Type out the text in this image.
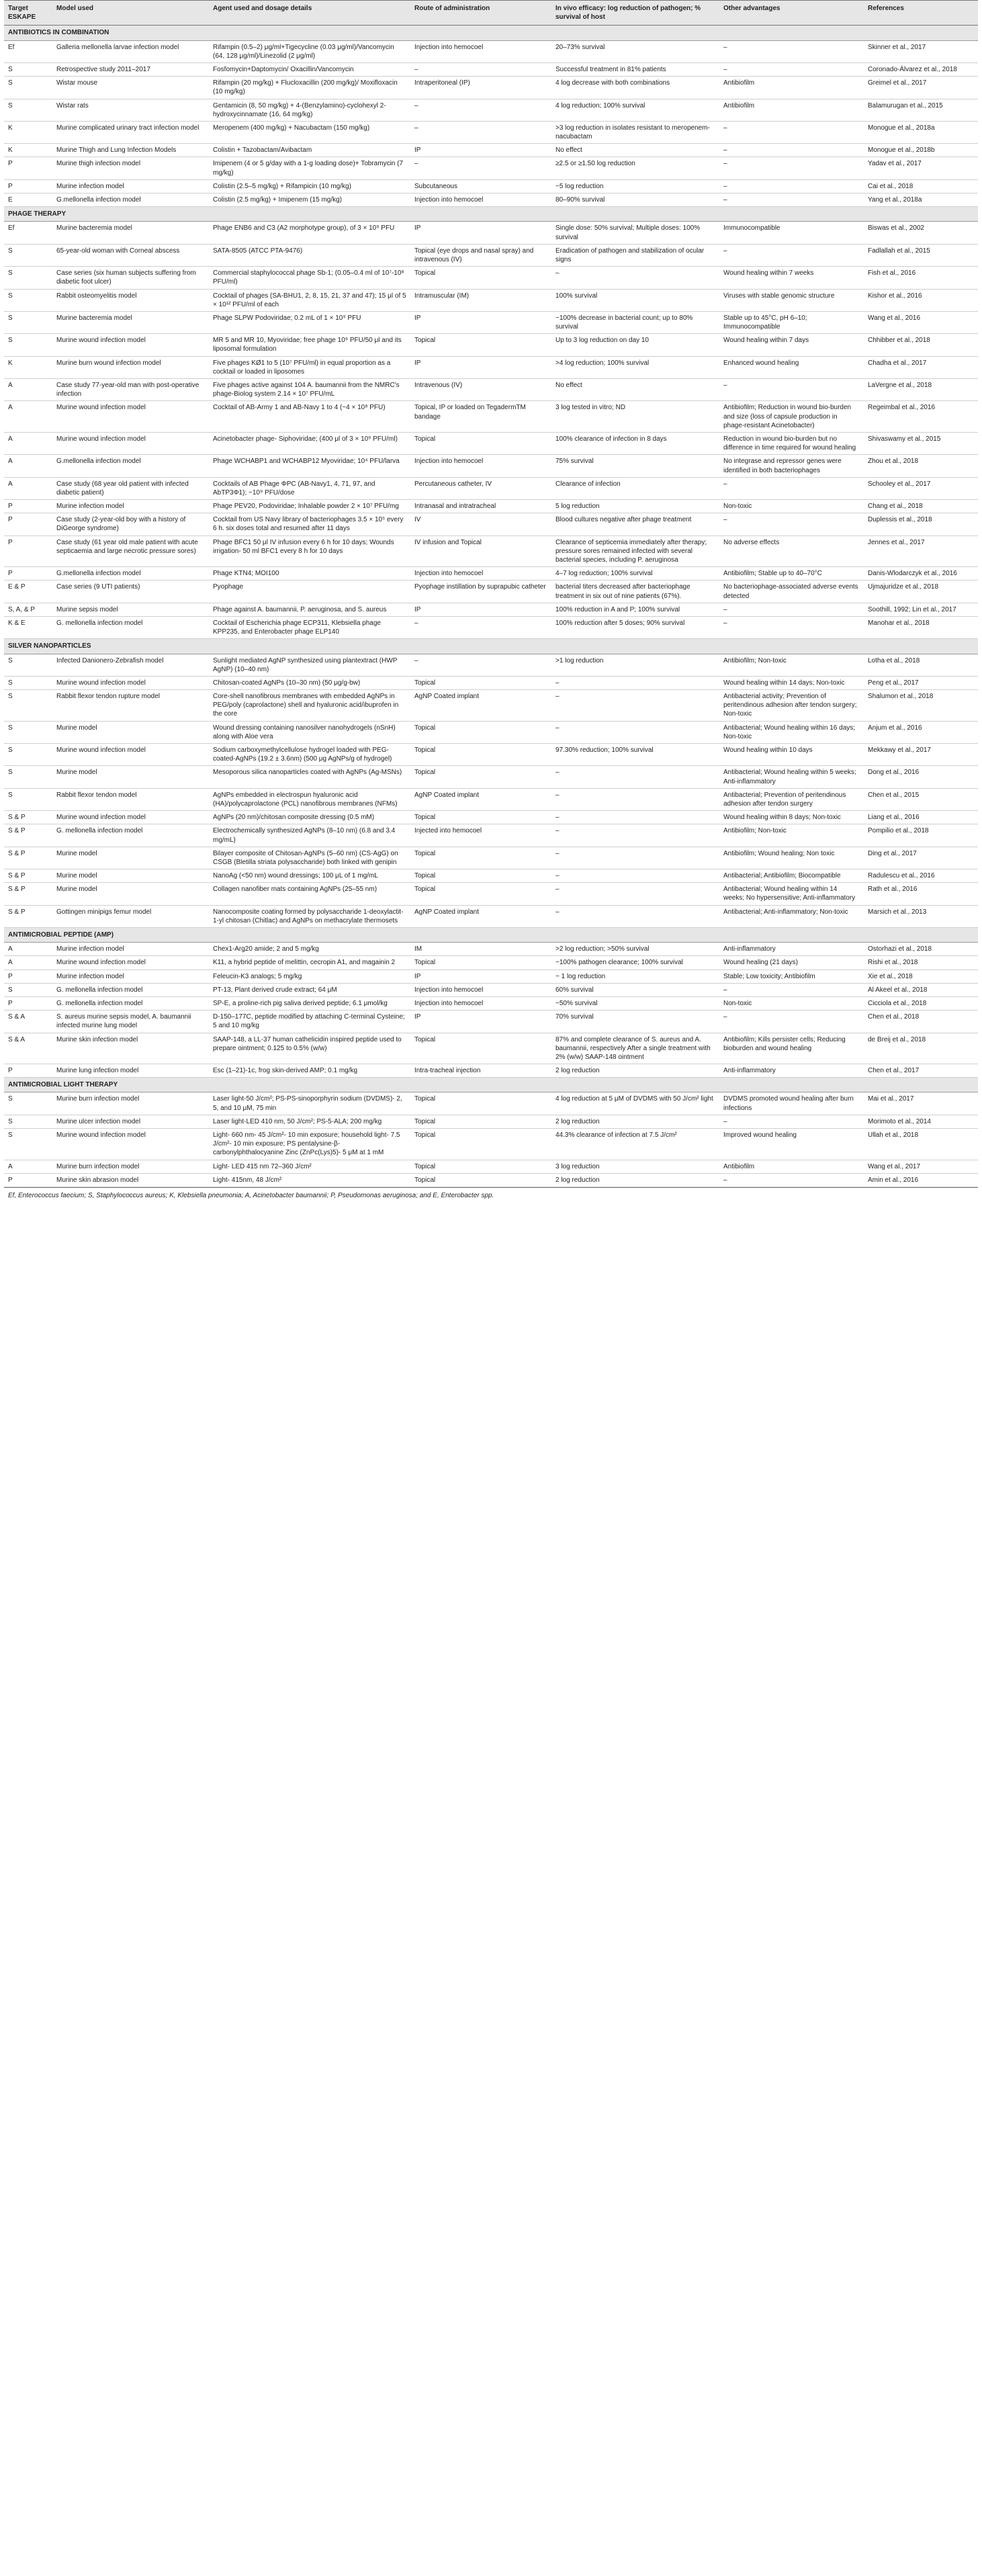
Target ESKAPE	Model used	Agent used and dosage details	Route of administration	In vivo efficacy: log reduction of pathogen; % survival of host	Other advantages	References
ANTIBIOTICS IN COMBINATION						
Ef	Galleria mellonella larvae infection model	Rifampin (0.5–2) μg/ml+Tigecycline (0.03 μg/ml)/Vancomycin (64, 128 μg/ml)/Linezolid (2 μg/ml)	Injection into hemocoel	20–73% survival	–	Skinner et al., 2017
S	Retrospective study 2011–2017	Fosfomycin+Daptomycin/ Oxacillin/Vancomycin	–	Successful treatment in 81% patients	–	Coronado-Álvarez et al., 2018
S	Wistar mouse	Rifampin (20 mg/kg) + Flucloxacillin (200 mg/kg)/ Moxifloxacin (10 mg/kg)	Intraperitoneal (IP)	4 log decrease with both combinations	Antibiofilm	Greimel et al., 2017
S	Wistar rats	Gentamicin (8, 50 mg/kg) + 4-(Benzylamino)-cyclohexyl 2-hydroxycinnamate (16, 64 mg/kg)	–	4 log reduction; 100% survival	Antibiofilm	Balamurugan et al., 2015
K	Murine complicated urinary tract infection model	Meropenem (400 mg/kg) + Nacubactam (150 mg/kg)	–	>3 log reduction in isolates resistant to meropenem-nacubactam	–	Monogue et al., 2018a
K	Murine Thigh and Lung Infection Models	Colistin + Tazobactam/Avibactam	IP	No effect	–	Monogue et al., 2018b
P	Murine thigh infection model	Imipenem (4 or 5 g/day with a 1-g loading dose)+ Tobramycin (7 mg/kg)	–	≥2.5 or ≥1.50 log reduction	–	Yadav et al., 2017
P	Murine infection model	Colistin (2.5–5 mg/kg) + Rifampicin (10 mg/kg)	Subcutaneous	~5 log reduction	–	Cai et al., 2018
E	G.mellonella infection model	Colistin (2.5 mg/kg) + Imipenem (15 mg/kg)	Injection into hemocoel	80–90% survival	–	Yang et al., 2018a
PHAGE THERAPY						
Ef	Murine bacteremia model	Phage ENB6 and C3 (A2 morphotype group), of 3 × 10⁹ PFU	IP	Single dose: 50% survival; Multiple doses: 100% survival	Immunocompatible	Biswas et al., 2002
S	65-year-old woman with Corneal abscess	SATA-8505 (ATCC PTA-9476)	Topical (eye drops and nasal spray) and intravenous (IV)	Eradication of pathogen and stabilization of ocular signs	–	Fadlallah et al., 2015
S	Case series (six human subjects suffering from diabetic foot ulcer)	Commercial staphylococcal phage Sb-1; (0.05–0.4 ml of 10⁷-10⁸ PFU/ml)	Topical	–	Wound healing within 7 weeks	Fish et al., 2016
S	Rabbit osteomyelitis model	Cocktail of phages (SA-BHU1, 2, 8, 15, 21, 37 and 47); 15 μl of 5 × 10¹² PFU/ml of each	Intramuscular (IM)	100% survival	Viruses with stable genomic structure	Kishor et al., 2016
S	Murine bacteremia model	Phage SLPW Podoviridae; 0.2 mL of 1 × 10⁹ PFU	IP	~100% decrease in bacterial count; up to 80% survival	Stable up to 45°C, pH 6–10; Immunocompatible	Wang et al., 2016
S	Murine wound infection model	MR 5 and MR 10, Myoviridae; free phage 10⁹ PFU/50 μl and its liposomal formulation	Topical	Up to 3 log reduction on day 10	Wound healing within 7 days	Chhibber et al., 2018
K	Murine burn wound infection model	Five phages KØ1 to 5 (10⁷ PFU/ml) in equal proportion as a cocktail or loaded in liposomes	IP	>4 log reduction; 100% survival	Enhanced wound healing	Chadha et al., 2017
A	Case study 77-year-old man with post-operative infection	Five phages active against 104 A. baumannii from the NMRC's phage-Biolog system 2.14 × 10⁷ PFU/mL	Intravenous (IV)	No effect	–	LaVergne et al., 2018
A	Murine wound infection model	Cocktail of AB-Army 1 and AB-Navy 1 to 4 (~4 × 10⁸ PFU)	Topical, IP or loaded on TegadermTM bandage	3 log tested in vitro; ND	Antibiofilm; Reduction in wound bio-burden and size (loss of capsule production in phage-resistant Acinetobacter)	Regeimbal et al., 2016
A	Murine wound infection model	Acinetobacter phage- Siphoviridae; (400 μl of 3 × 10⁹ PFU/ml)	Topical	100% clearance of infection in 8 days	Reduction in wound bio-burden but no difference in time required for wound healing	Shivaswamy et al., 2015
A	G.mellonella infection model	Phage WCHABP1 and WCHABP12 Myoviridae; 10⁴ PFU/larva	Injection into hemocoel	75% survival	No integrase and repressor genes were identified in both bacteriophages	Zhou et al., 2018
A	Case study (68 year old patient with infected diabetic patient)	Cocktails of AB Phage ΦPC (AB-Navy1, 4, 71, 97, and AbTP3Φ1); ~10⁹ PFU/dose	Percutaneous catheter, IV	Clearance of infection	–	Schooley et al., 2017
P	Murine infection model	Phage PEV20, Podoviridae; Inhalable powder 2 × 10⁷ PFU/mg	Intranasal and intratracheal	5 log reduction	Non-toxic	Chang et al., 2018
P	Case study (2-year-old boy with a history of DiGeorge syndrome)	Cocktail from US Navy library of bacteriophages 3.5 × 10⁵ every 6 h. six doses total and resumed after 11 days	IV	Blood cultures negative after phage treatment	–	Duplessis et al., 2018
P	Case study (61 year old male patient with acute septicaemia and large necrotic pressure sores)	Phage BFC1 50 μl IV infusion every 6 h for 10 days; Wounds irrigation- 50 ml BFC1 every 8 h for 10 days	IV infusion and Topical	Clearance of septicemia immediately after therapy; pressure sores remained infected with several bacterial species, including P. aeruginosa	No adverse effects	Jennes et al., 2017
P	G.mellonella infection model	Phage KTN4; MOI100	Injection into hemocoel	4–7 log reduction; 100% survival	Antibiofilm; Stable up to 40–70°C	Danis-Wlodarczyk et al., 2016
E & P	Case series (9 UTI patients)	Pyophage	Pyophage instillation by suprapubic catheter	bacterial titers decreased after bacteriophage treatment in six out of nine patients (67%).	No bacteriophage-associated adverse events detected	Ujmajuridze et al., 2018
S, A, & P	Murine sepsis model	Phage against A. baumannii, P. aeruginosa, and S. aureus	IP	100% reduction in A and P; 100% survival	–	Soothill, 1992; Lin et al., 2017
K & E	G. mellonella infection model	Cocktail of Escherichia phage ECP311, Klebsiella phage KPP235, and Enterobacter phage ELP140	–	100% reduction after 5 doses; 90% survival	–	Manohar et al., 2018
SILVER NANOPARTICLES						
S	Infected Danionero-Zebrafish model	Sunlight mediated AgNP synthesized using plantextract (HWP AgNP) (10–40 nm)	–	>1 log reduction	Antibiofilm; Non-toxic	Lotha et al., 2018
S	Murine wound infection model	Chitosan-coated AgNPs (10–30 nm) (50 μg/g-bw)	Topical	–	Wound healing within 14 days; Non-toxic	Peng et al., 2017
S	Rabbit flexor tendon rupture model	Core-shell nanofibrous membranes with embedded AgNPs in PEG/poly (caprolactone) shell and hyaluronic acid/ibuprofen in the core	AgNP Coated implant	–	Antibacterial activity; Prevention of peritendinous adhesion after tendon surgery; Non-toxic	Shalumon et al., 2018
S	Murine model	Wound dressing containing nanosilver nanohydrogels (nSnH) along with Aloe vera	Topical	–	Antibacterial; Wound healing within 16 days; Non-toxic	Anjum et al., 2016
S	Murine wound infection model	Sodium carboxymethylcellulose hydrogel loaded with PEG-coated-AgNPs (19.2 ± 3.6nm) (500 μg AgNPs/g of hydrogel)	Topical	97.30% reduction; 100% survival	Wound healing within 10 days	Mekkawy et al., 2017
S	Murine model	Mesoporous silica nanoparticles coated with AgNPs (Ag-MSNs)	Topical	–	Antibacterial; Wound healing within 5 weeks; Anti-inflammatory	Dong et al., 2016
S	Rabbit flexor tendon model	AgNPs embedded in electrospun hyaluronic acid (HA)/polycaprolactone (PCL) nanofibrous membranes (NFMs)	AgNP Coated implant	–	Antibacterial; Prevention of peritendinous adhesion after tendon surgery	Chen et al., 2015
S & P	Murine wound infection model	AgNPs (20 nm)/chitosan composite dressing (0.5 mM)	Topical	–	Wound healing within 8 days; Non-toxic	Liang et al., 2016
S & P	G. mellonella infection model	Electrochemically synthesized AgNPs (8–10 nm) (6.8 and 3.4 mg/mL)	Injected into hemocoel	–	Antibiofilm; Non-toxic	Pompilio et al., 2018
S & P	Murine model	Bilayer composite of Chitosan-AgNPs (5–60 nm) (CS-AgG) on CSGB (Bletilla striata polysaccharide) both linked with genipin	Topical	–	Antibiofilm; Wound healing; Non toxic	Ding et al., 2017
S & P	Murine model	NanoAg (<50 nm) wound dressings; 100 μL of 1 mg/mL	Topical	–	Antibacterial; Antibiofilm; Biocompatible	Radulescu et al., 2016
S & P	Murine model	Collagen nanofiber mats containing AgNPs (25–55 nm)	Topical	–	Antibacterial; Wound healing within 14 weeks; No hypersensitive; Anti-inflammatory	Rath et al., 2016
S & P	Gottingen minipigs femur model	Nanocomposite coating formed by polysaccharide 1-deoxylactit-1-yl chitosan (Chitlac) and AgNPs on methacrylate thermosets	AgNP Coated implant	–	Antibacterial; Anti-inflammatory; Non-toxic	Marsich et al., 2013
ANTIMICROBIAL PEPTIDE (AMP)						
A	Murine infection model	Chex1-Arg20 amide; 2 and 5 mg/kg	IM	>2 log reduction; >50% survival	Anti-inflammatory	Ostorhazi et al., 2018
A	Murine wound infection model	K11, a hybrid peptide of melittin, cecropin A1, and magainin 2	Topical	~100% pathogen clearance; 100% survival	Wound healing (21 days)	Rishi et al., 2018
P	Murine infection model	Feleucin-K3 analogs; 5 mg/kg	IP	~ 1 log reduction	Stable; Low toxicity; Antibiofilm	Xie et al., 2018
S	G. mellonella infection model	PT-13, Plant derived crude extract; 64 μM	Injection into hemocoel	60% survival	–	Al Akeel et al., 2018
P	G. mellonella infection model	SP-E, a proline-rich pig saliva derived peptide; 6.1 μmol/kg	Injection into hemocoel	~50% survival	Non-toxic	Cicciola et al., 2018
S & A	S. aureus murine sepsis model, A. baumannii infected murine lung model	D-150–177C, peptide modified by attaching C-terminal Cysteine; 5 and 10 mg/kg	IP	70% survival	–	Chen et al., 2018
S & A	Murine skin infection model	SAAP-148, a LL-37 human cathelicidin inspired peptide used to prepare ointment; 0.125 to 0.5% (w/w)	Topical	87% and complete clearance of S. aureus and A. baumannii, respectively After a single treatment with 2% (w/w) SAAP-148 ointment	Antibiofilm; Kills persister cells; Reducing bioburden and wound healing	de Breij et al., 2018
P	Murine lung infection model	Esc (1–21)-1c, frog skin-derived AMP; 0.1 mg/kg	Intra-tracheal injection	2 log reduction	Anti-inflammatory	Chen et al., 2017
ANTIMICROBIAL LIGHT THERAPY						
S	Murine burn infection model	Laser light-50 J/cm²; PS-PS-sinoporphyrin sodium (DVDMS)- 2, 5, and 10 μM, 75 min	Topical	4 log reduction at 5 μM of DVDMS with 50 J/cm² light	DVDMS promoted wound healing after burn infections	Mai et al., 2017
S	Murine ulcer infection model	Laser light-LED 410 nm, 50 J/cm²; PS-5-ALA; 200 mg/kg	Topical	2 log reduction	–	Morimoto et al., 2014
S	Murine wound infection model	Light- 660 nm- 45 J/cm²- 10 min exposure; household light- 7.5 J/cm²- 10 min exposure; PS pentalysine-β-carbonylphthalocyanine Zinc (ZnPc(Lys)5)- 5 μM at 1 mM	Topical	44.3% clearance of infection at 7.5 J/cm²	Improved wound healing	Ullah et al., 2018
A	Murine burn infection model	Light- LED 415 nm 72–360 J/cm²	Topical	3 log reduction	Antibiofilm	Wang et al., 2017
P	Murine skin abrasion model	Light- 415nm, 48 J/cm²	Topical	2 log reduction	–	Amin et al., 2016
Ef, Enterococcus faecium; S, Staphylococcus aureus; K, Klebsiella pneumonia; A, Acinetobacter baumannii; P, Pseudomonas aeruginosa; and E, Enterobacter spp.
